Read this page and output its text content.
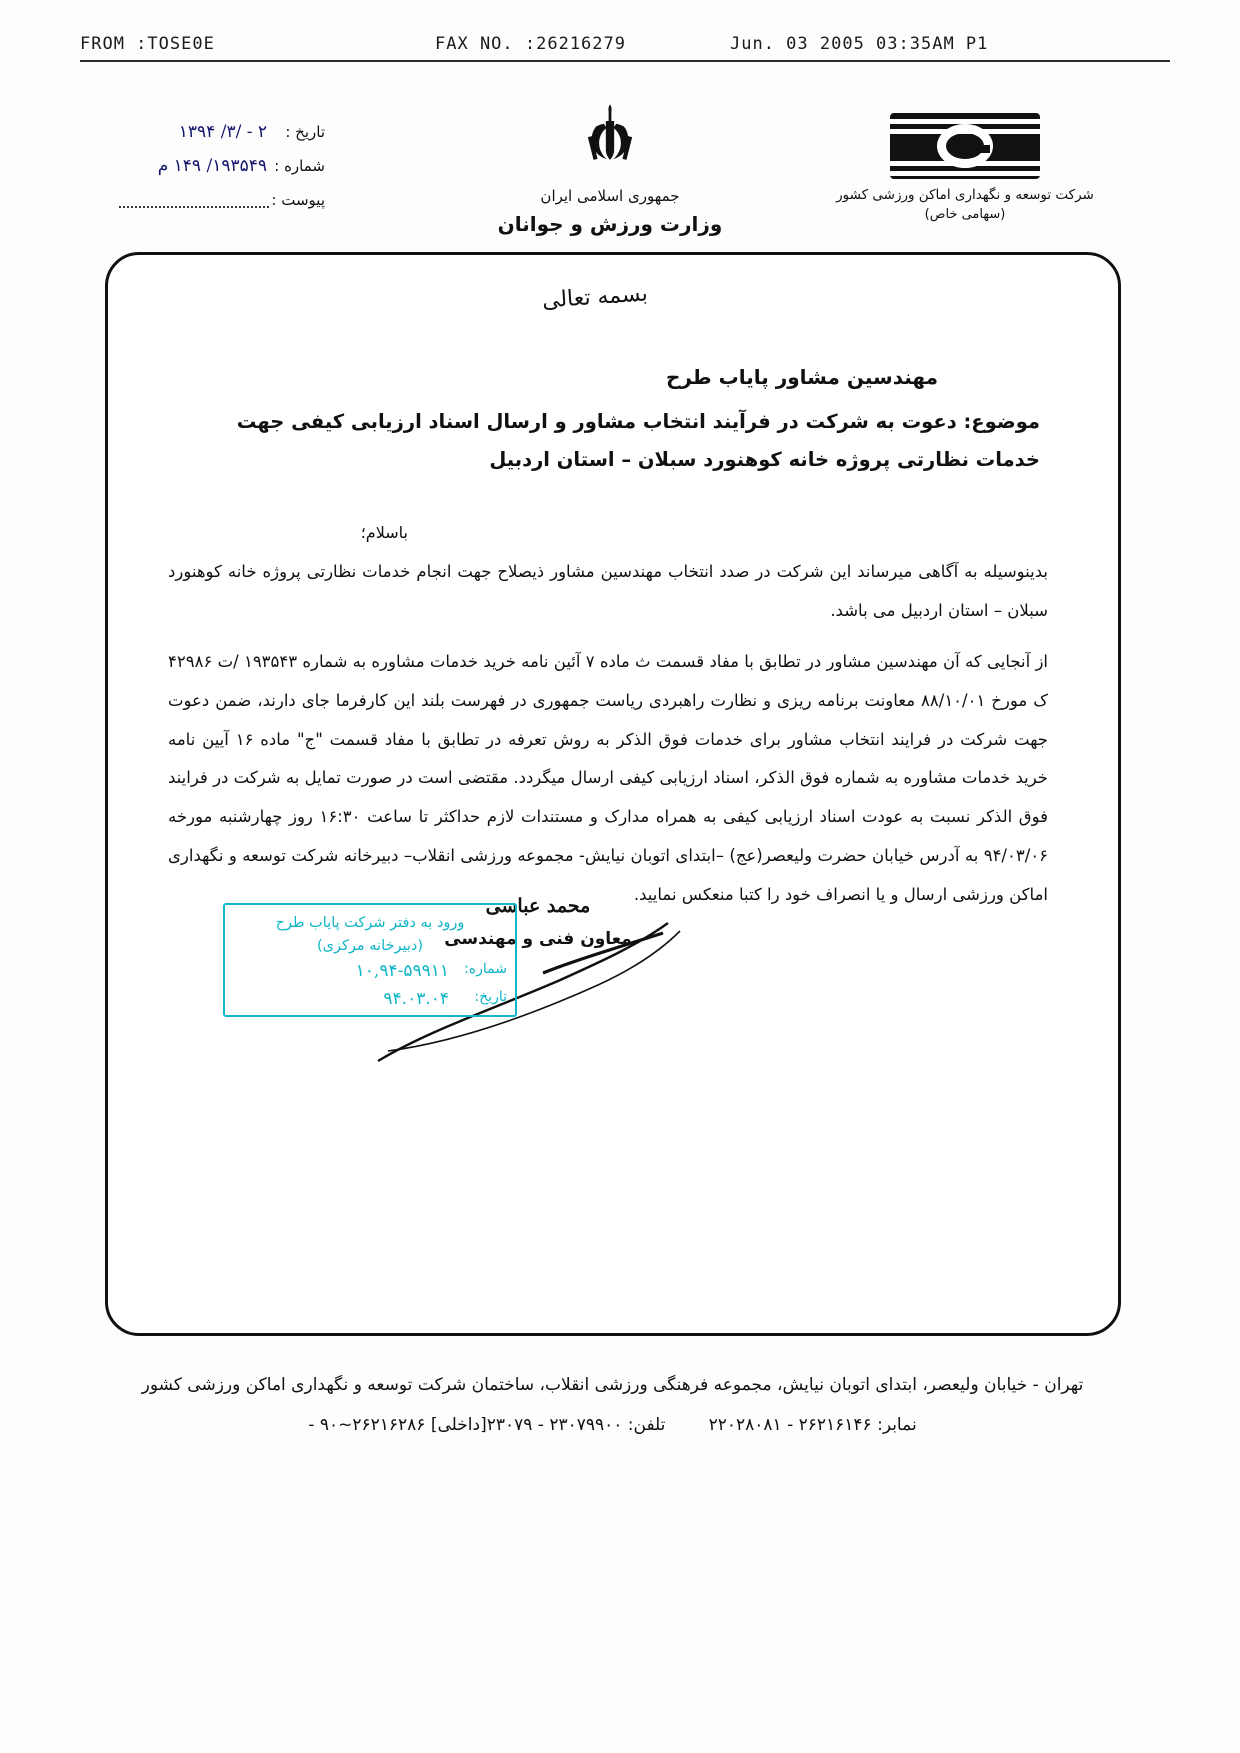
FROM :TOSE0E	FAX NO. :26216279	Jun. 03 2005 03:35AM P1
تاریخ :
۲ - /۳/ ۱۳۹۴
شماره :
۱۹۳۵۴۹/ ۱۴۹ م
پیوست :	جمهوری اسلامی ایران
وزارت ورزش و جوانان
شرکت توسعه و نگهداری اماکن ورزشی کشور
(سهامی خاص)
بسمه تعالی
مهندسین مشاور پایاب طرح
موضوع: دعوت به شرکت در فرآیند انتخاب مشاور و ارسال اسناد ارزیابی کیفی جهت خدمات نظارتی پروژه خانه کوهنورد سبلان – استان اردبیل
باسلام؛
بدینوسیله به آگاهی میرساند این شرکت در صدد انتخاب مهندسین مشاور ذیصلاح جهت انجام خدمات نظارتی پروژه خانه کوهنورد سبلان – استان اردبیل می باشد.
از آنجایی که آن مهندسین مشاور در تطابق با مفاد قسمت ث ماده ۷ آئین نامه خرید خدمات مشاوره به شماره ۱۹۳۵۴۳ /ت ۴۲۹۸۶ ک مورخ ۸۸/۱۰/۰۱ معاونت برنامه ریزی و نظارت راهبردی ریاست جمهوری در فهرست بلند این کارفرما جای دارند، ضمن دعوت جهت شرکت در فرایند انتخاب مشاور برای خدمات فوق الذکر به روش تعرفه در تطابق با مفاد قسمت "ج" ماده ۱۶ آیین نامه خرید خدمات مشاوره به شماره فوق الذکر، اسناد ارزیابی کیفی ارسال میگردد. مقتضی است در صورت تمایل به شرکت در فرایند فوق الذکر نسبت به عودت اسناد ارزیابی کیفی به همراه مدارک و مستندات لازم حداکثر تا ساعت ۱۶:۳۰ روز چهارشنبه مورخه ۹۴/۰۳/۰۶ به آدرس خیابان حضرت ولیعصر(عج) –ابتدای اتوبان نیایش- مجموعه ورزشی انقلاب– دبیرخانه شرکت توسعه و نگهداری اماکن ورزشی ارسال و یا انصراف خود را کتبا منعکس نمایید.
محمد عباسی
معاون فنی و مهندسی
ورود به دفتر شرکت پایاب طرح
(دبیرخانه مرکزی)
شماره:
۱۰,۹۴-۵۹۹۱۱
تاریخ:
۹۴.۰۳.۰۴
تهران - خیابان ولیعصر، ابتدای اتوبان نیایش، مجموعه فرهنگی ورزشی انقلاب، ساختمان شرکت توسعه و نگهداری اماکن ورزشی کشور
نمابر: ۲۶۲۱۶۱۴۶ - ۲۲۰۲۸۰۸۱        تلفن: ۲۳۰۷۹۹۰۰ - ۲۳۰۷۹[داخلی] ۲۶۲۱۶۲۸۶~۹۰ -
